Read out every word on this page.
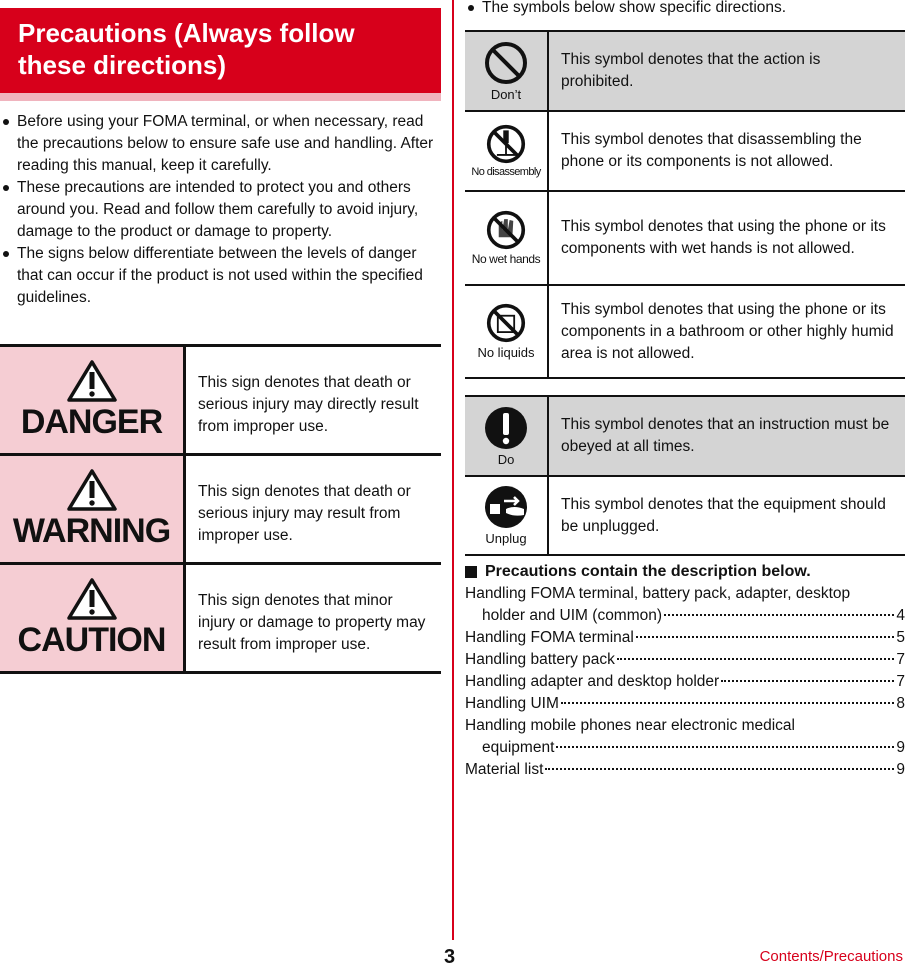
Precautions (Always follow these directions)
Before using your FOMA terminal, or when necessary, read the precautions below to ensure safe use and handling. After reading this manual, keep it carefully.
These precautions are intended to protect you and others around you. Read and follow them carefully to avoid injury, damage to the product or damage to property.
The signs below differentiate between the levels of danger that can occur if the product is not used within the specified guidelines.
DANGER
This sign denotes that death or serious injury may directly result from improper use.
WARNING
This sign denotes that death or serious injury may result from improper use.
CAUTION
This sign denotes that minor injury or damage to property may result from improper use.
The symbols below show specific directions.
Don’t
This symbol denotes that the action is prohibited.
No disassembly
This symbol denotes that disassembling the phone or its components is not allowed.
No wet hands
This symbol denotes that using the phone or its components with wet hands is not allowed.
No liquids
This symbol denotes that using the phone or its components in a bathroom or other highly humid area is not allowed.
Do
This symbol denotes that an instruction must be obeyed at all times.
Unplug
This symbol denotes that the equipment should be unplugged.
Precautions contain the description below.
Handling FOMA terminal, battery pack, adapter, desktop
holder and UIM (common)	4
Handling FOMA terminal	5
Handling battery pack	7
Handling adapter and desktop holder	7
Handling UIM	8
Handling mobile phones near electronic medical
equipment	9
Material list	9
3	Contents/Precautions
